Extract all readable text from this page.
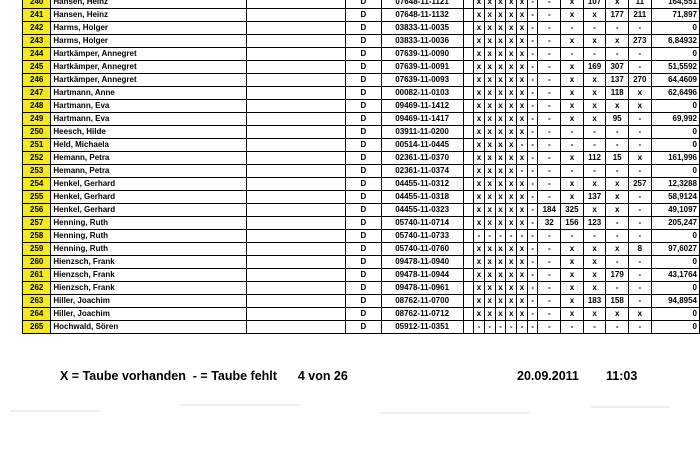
240	Hansen, Heinz		D	07648-11-1121		x	x	x	x	x	-	-	x	107	x	11	164,551
241	Hansen, Heinz		D	07648-11-1132		x	x	x	x	x	-	-	x	x	177	211	71,897
242	Harms, Holger		D	03833-11-0035		x	x	x	x	x	-	-	-	-	-	-	0
243	Harms, Holger		D	03833-11-0036		x	x	x	x	x	-	-	x	x	x	273	6,84932
244	Hartkämper, Annegret		D	07639-11-0090		x	x	x	x	x	-	-	-	-	-	-	0
245	Hartkämper, Annegret		D	07639-11-0091		x	x	x	x	x	-	-	x	169	307	-	51,5592
246	Hartkämper, Annegret		D	07639-11-0093		x	x	x	x	x	-	-	x	x	137	270	64,4609
247	Hartmann, Anne		D	00082-11-0103		x	x	x	x	x	-	-	x	x	118	x	62,6496
248	Hartmann, Eva		D	09469-11-1412		x	x	x	x	x	-	-	x	x	x	x	0
249	Hartmann, Eva		D	09469-11-1417		x	x	x	x	x	-	-	x	x	95	-	69,992
250	Heesch, Hilde		D	03911-11-0200		x	x	x	x	x	-	-	-	-	-	-	0
251	Held, Michaela		D	00514-11-0445		x	x	x	x	-	-	-	-	-	-	-	0
252	Hemann, Petra		D	02361-11-0370		x	x	x	x	x	-	-	x	112	15	x	161,996
253	Hemann, Petra		D	02361-11-0374		x	x	x	x	-	-	-	-	-	-	-	0
254	Henkel, Gerhard		D	04455-11-0312		x	x	x	x	x	-	-	x	x	x	257	12,3288
255	Henkel, Gerhard		D	04455-11-0318		x	x	x	x	x	-	-	x	137	x	-	58,9124
256	Henkel, Gerhard		D	04455-11-0323		x	x	x	x	x	-	184	325	x	x	-	49,1097
257	Henning, Ruth		D	05740-11-0714		x	x	x	x	x	-	32	156	123	-	-	205,247
258	Henning, Ruth		D	05740-11-0733		-	-	-	-	-	-	-	-	-	-	-	0
259	Henning, Ruth		D	05740-11-0760		x	x	x	x	x	-	-	x	x	x	8	97,6027
260	Hienzsch, Frank		D	09478-11-0940		x	x	x	x	x	-	-	x	x	-	-	0
261	Hienzsch, Frank		D	09478-11-0944		x	x	x	x	x	-	-	x	x	179	-	43,1764
262	Hienzsch, Frank		D	09478-11-0961		x	x	x	x	x	-	-	x	x	-	-	0
263	Hiller, Joachim		D	08762-11-0700		x	x	x	x	x	-	-	x	183	158	-	94,8954
264	Hiller, Joachim		D	08762-11-0712		x	x	x	x	x	-	-	x	x	x	x	0
265	Hochwald, Sören		D	05912-11-0351		-	-	-	-	-	-	-	-	-	-	-	0
X = Taube vorhanden  - = Taube fehlt 4 von 26	20.09.2011 11:03
